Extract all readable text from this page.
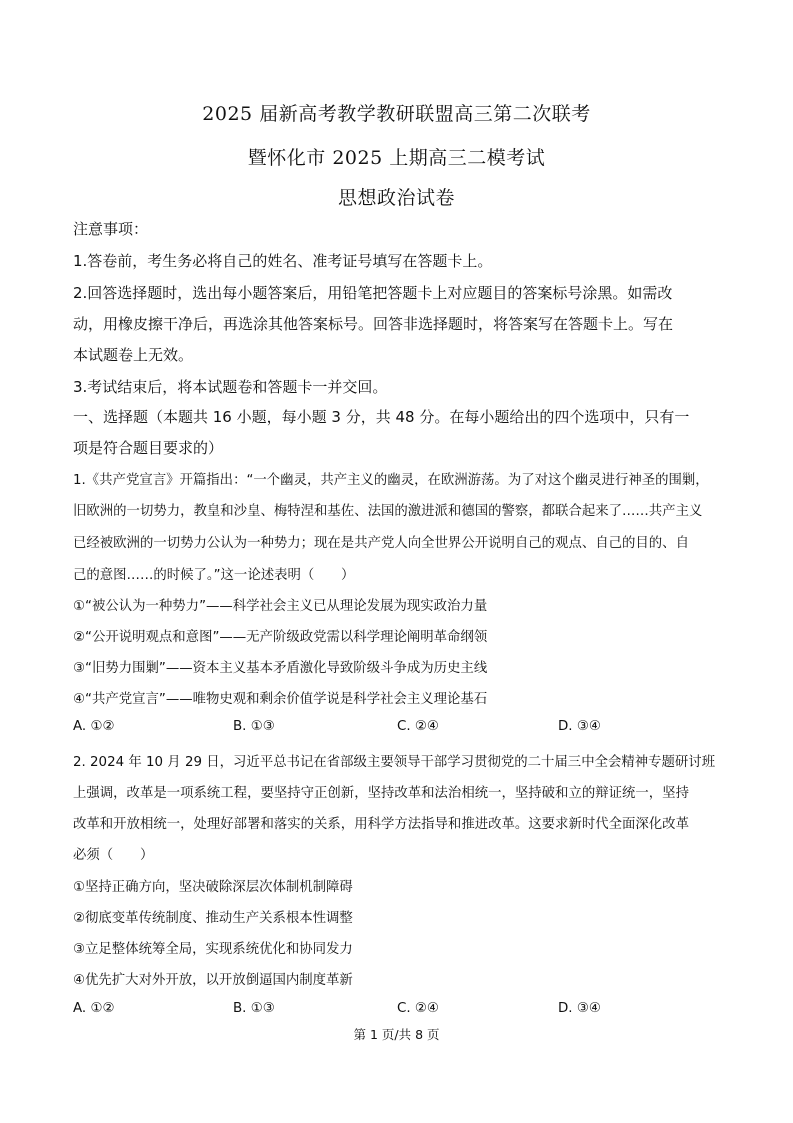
2025 届新高考教学教研联盟高三第二次联考
暨怀化市 2025 上期高三二模考试
思想政治试卷
注意事项：
1.答卷前，考生务必将自己的姓名、准考证号填写在答题卡上。
2.回答选择题时，选出每小题答案后，用铅笔把答题卡上对应题目的答案标号涂黑。如需改
动，用橡皮擦干净后，再选涂其他答案标号。回答非选择题时，将答案写在答题卡上。写在
本试题卷上无效。
3.考试结束后，将本试题卷和答题卡一并交回。
一、选择题（本题共 16 小题，每小题 3 分，共 48 分。在每小题给出的四个选项中，只有一
项是符合题目要求的）
1.《共产党宣言》开篇指出：“一个幽灵，共产主义的幽灵，在欧洲游荡。为了对这个幽灵进行神圣的围剿，
旧欧洲的一切势力，教皇和沙皇、梅特涅和基佐、法国的激进派和德国的警察，都联合起来了……共产主义
已经被欧洲的一切势力公认为一种势力；现在是共产党人向全世界公开说明自己的观点、自己的目的、自
己的意图……的时候了。”这一论述表明（　　）
①“被公认为一种势力”——科学社会主义已从理论发展为现实政治力量
②“公开说明观点和意图”——无产阶级政党需以科学理论阐明革命纲领
③“旧势力围剿”——资本主义基本矛盾激化导致阶级斗争成为历史主线
④“共产党宣言”——唯物史观和剩余价值学说是科学社会主义理论基石
A. ①②	B. ①③	C. ②④	D. ③④
2. 2024 年 10 月 29 日，习近平总书记在省部级主要领导干部学习贯彻党的二十届三中全会精神专题研讨班
上强调，改革是一项系统工程，要坚持守正创新，坚持改革和法治相统一，坚持破和立的辩证统一，坚持
改革和开放相统一，处理好部署和落实的关系，用科学方法指导和推进改革。这要求新时代全面深化改革
必须（　　）
①坚持正确方向，坚决破除深层次体制机制障碍
②彻底变革传统制度、推动生产关系根本性调整
③立足整体统筹全局，实现系统优化和协同发力
④优先扩大对外开放，以开放倒逼国内制度革新
A. ①②	B. ①③	C. ②④	D. ③④
第 1 页/共 8 页
